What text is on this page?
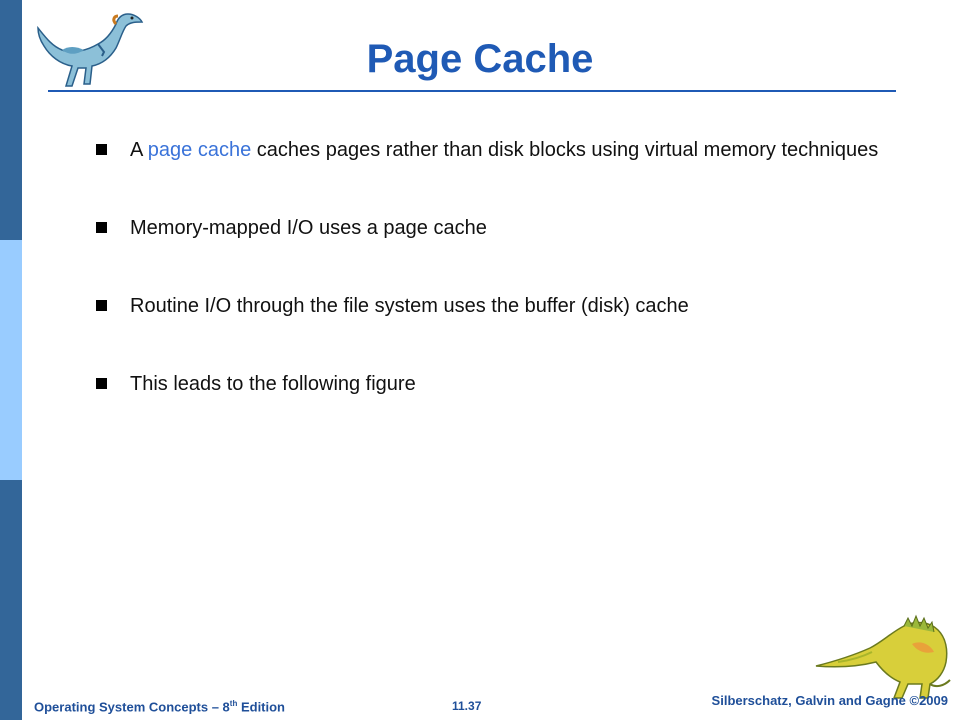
Page Cache
A page cache caches pages rather than disk blocks using virtual memory techniques
Memory-mapped I/O uses a page cache
Routine I/O through the file system uses the buffer (disk) cache
This leads to the following figure
Operating System Concepts – 8th Edition	11.37	Silberschatz, Galvin and Gagne ©2009
